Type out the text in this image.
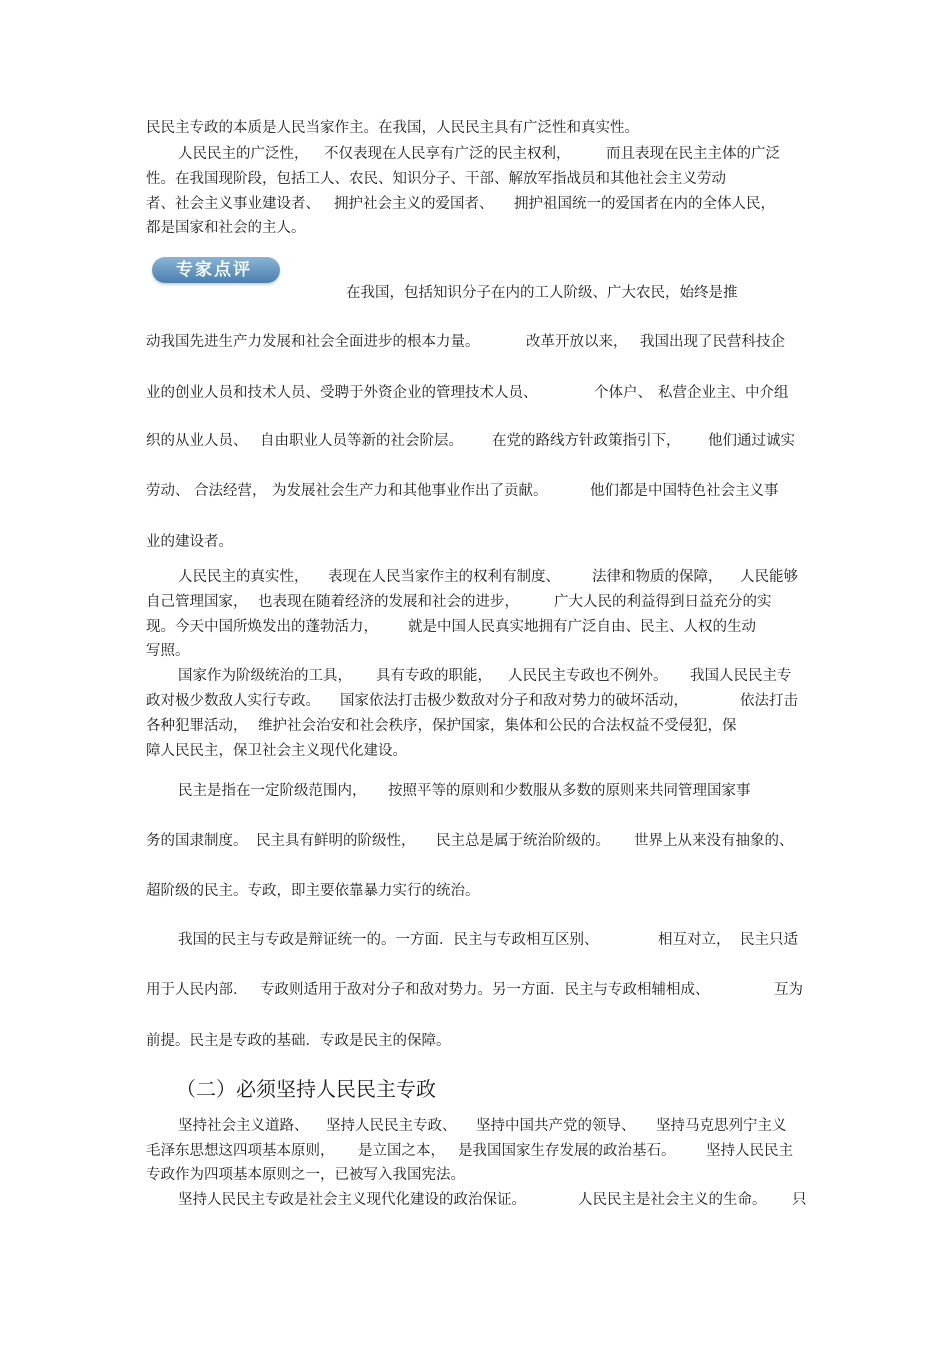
专家点评
（二）必须坚持人民民主专政
民民主专政的本质是人民当家作主。在我国，人民民主具有广泛性和真实性。
人民民主的广泛性， 不仅表现在人民享有广泛的民主权利， 而且表现在民主主体的广泛
性。在我国现阶段，包括工人、农民、知识分子、干部、解放军指战员和其他社会主义劳动
者、社会主义事业建设者、 拥护社会主义的爱国者、 拥护祖国统一的爱国者在内的全体人民，
都是国家和社会的主人。
在我国，包括知识分子在内的工人阶级、广大农民，始终是推
动我国先进生产力发展和社会全面进步的根本力量。	改革开放以来， 我国出现了民营科技企
业的创业人员和技术人员、受聘于外资企业的管理技术人员、	个体户、 私营企业主、中介组
织的从业人员、 自由职业人员等新的社会阶层。 在党的路线方针政策指引下， 他们通过诚实
劳动、 合法经营， 为发展社会生产力和其他事业作出了贡献。	他们都是中国特色社会主义事
业的建设者。
人民民主的真实性， 表现在人民当家作主的权利有制度、 法律和物质的保障， 人民能够
自己管理国家， 也表现在随着经济的发展和社会的进步， 广大人民的利益得到日益充分的实
现。今天中国所焕发出的蓬勃活力， 就是中国人民真实地拥有广泛自由、民主、人权的生动
写照。
国家作为阶级统治的工具， 具有专政的职能， 人民民主专政也不例外。 我国人民民主专
政对极少数敌人实行专政。 国家依法打击极少数敌对分子和敌对势力的破坏活动，	依法打击
各种犯罪活动， 维护社会治安和社会秩序，保护国家，集体和公民的合法权益不受侵犯，保
障人民民主，保卫社会主义现代化建设。
民主是指在一定阶级范围内， 按照平等的原则和少数服从多数的原则来共同管理国家事
务的国隶制度。 民主具有鲜明的阶级性， 民主总是属于统治阶级的。 世界上从来没有抽象的、
超阶级的民主。专政，即主要依靠暴力实行的统治。
我国的民主与专政是辩证统一的。一方面．民主与专政相互区别、	相互对立， 民主只适
用于人民内部． 专政则适用于敌对分子和敌对势力。另一方面．民主与专政相辅相成、	互为
前提。民主是专政的基础．专政是民主的保障。
坚持社会主义道路、 坚持人民民主专政、 坚持中国共产党的领导、 坚持马克思列宁主义
毛泽东思想这四项基本原则， 是立国之本， 是我国国家生存发展的政治基石。 坚持人民民主
专政作为四项基本原则之一，已被写入我国宪法。
坚持人民民主专政是社会主义现代化建设的政治保证。	人民民主是社会主义的生命。 只
